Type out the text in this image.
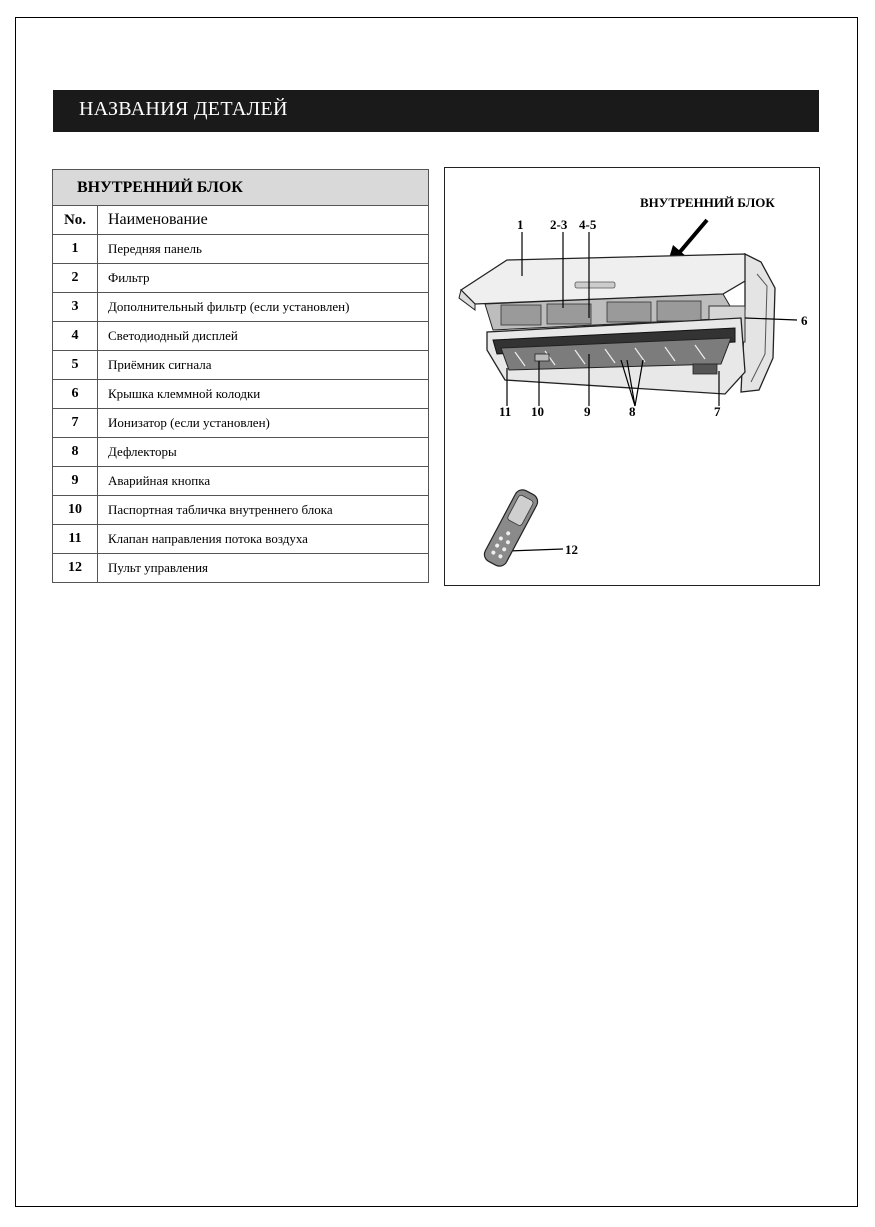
НАЗВАНИЯ ДЕТАЛЕЙ
ВНУТРЕННИЙ БЛОК	
No.	Наименование
1	Передняя панель
2	Фильтр
3	Дополнительный фильтр (если установлен)
4	Светодиодный дисплей
5	Приёмник сигнала
6	Крышка клеммной колодки
7	Ионизатор (если установлен)
8	Дефлекторы
9	Аварийная кнопка
10	Паспортная табличка внутреннего блока
11	Клапан направления потока воздуха
12	Пульт управления
ВНУТРЕННИЙ БЛОК
1 2-3 4-5
6
7
8
9
10
11
12
